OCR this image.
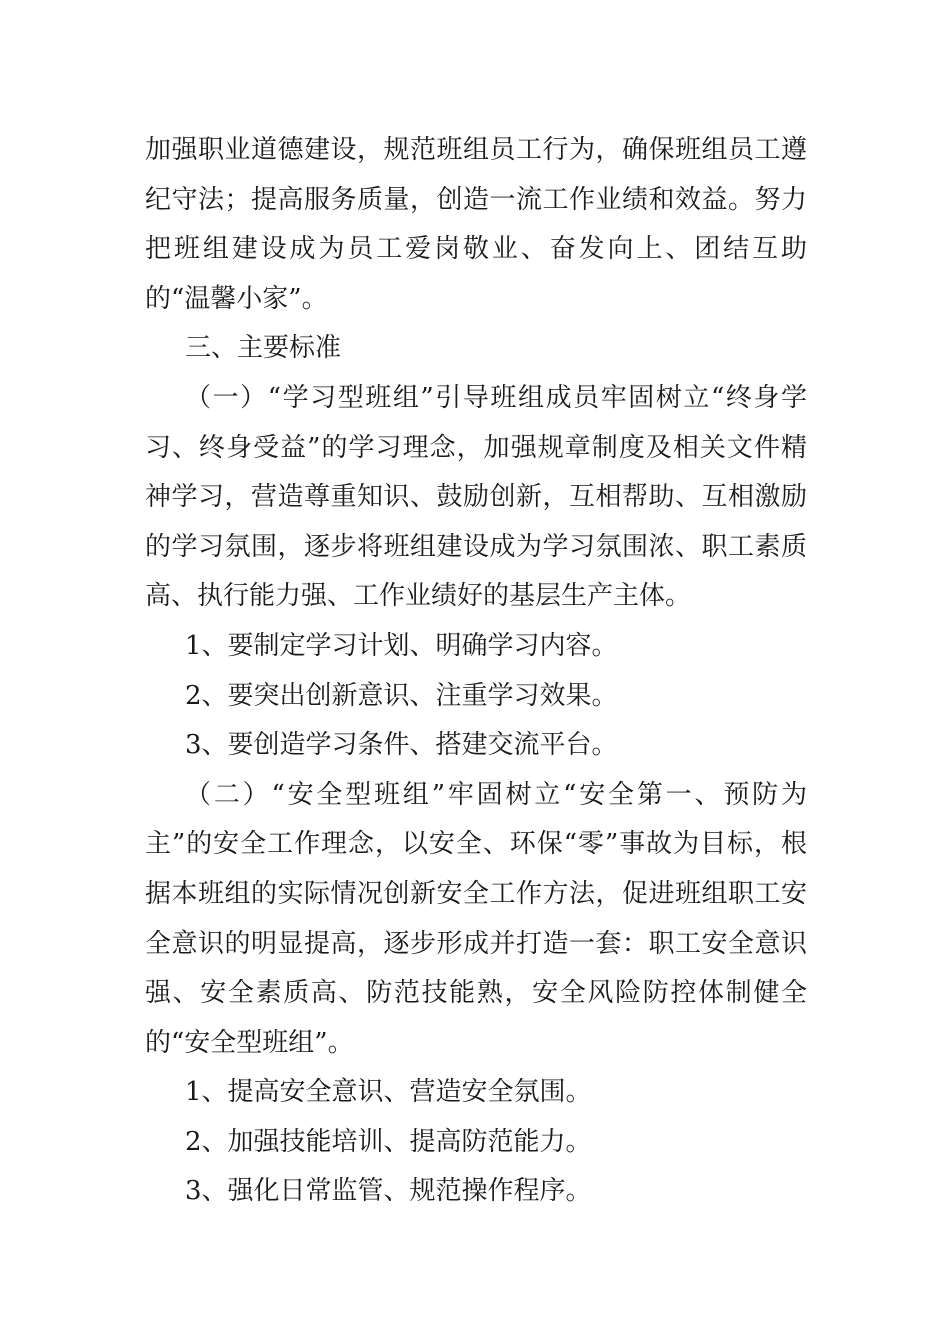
加强职业道德建设，规范班组员工行为，确保班组员工遵纪守法；提高服务质量，创造一流工作业绩和效益。努力把班组建设成为员工爱岗敬业、奋发向上、团结互助的“温馨小家”。

三、主要标准

（一）“学习型班组”引导班组成员牢固树立“终身学习、终身受益”的学习理念，加强规章制度及相关文件精神学习，营造尊重知识、鼓励创新，互相帮助、互相激励的学习氛围，逐步将班组建设成为学习氛围浓、职工素质高、执行能力强、工作业绩好的基层生产主体。

1、要制定学习计划、明确学习内容。

2、要突出创新意识、注重学习效果。

3、要创造学习条件、搭建交流平台。

（二）“安全型班组”牢固树立“安全第一、预防为主”的安全工作理念，以安全、环保“零”事故为目标，根据本班组的实际情况创新安全工作方法，促进班组职工安全意识的明显提高，逐步形成并打造一套：职工安全意识强、安全素质高、防范技能熟，安全风险防控体制健全的“安全型班组”。

1、提高安全意识、营造安全氛围。

2、加强技能培训、提高防范能力。

3、强化日常监管、规范操作程序。
